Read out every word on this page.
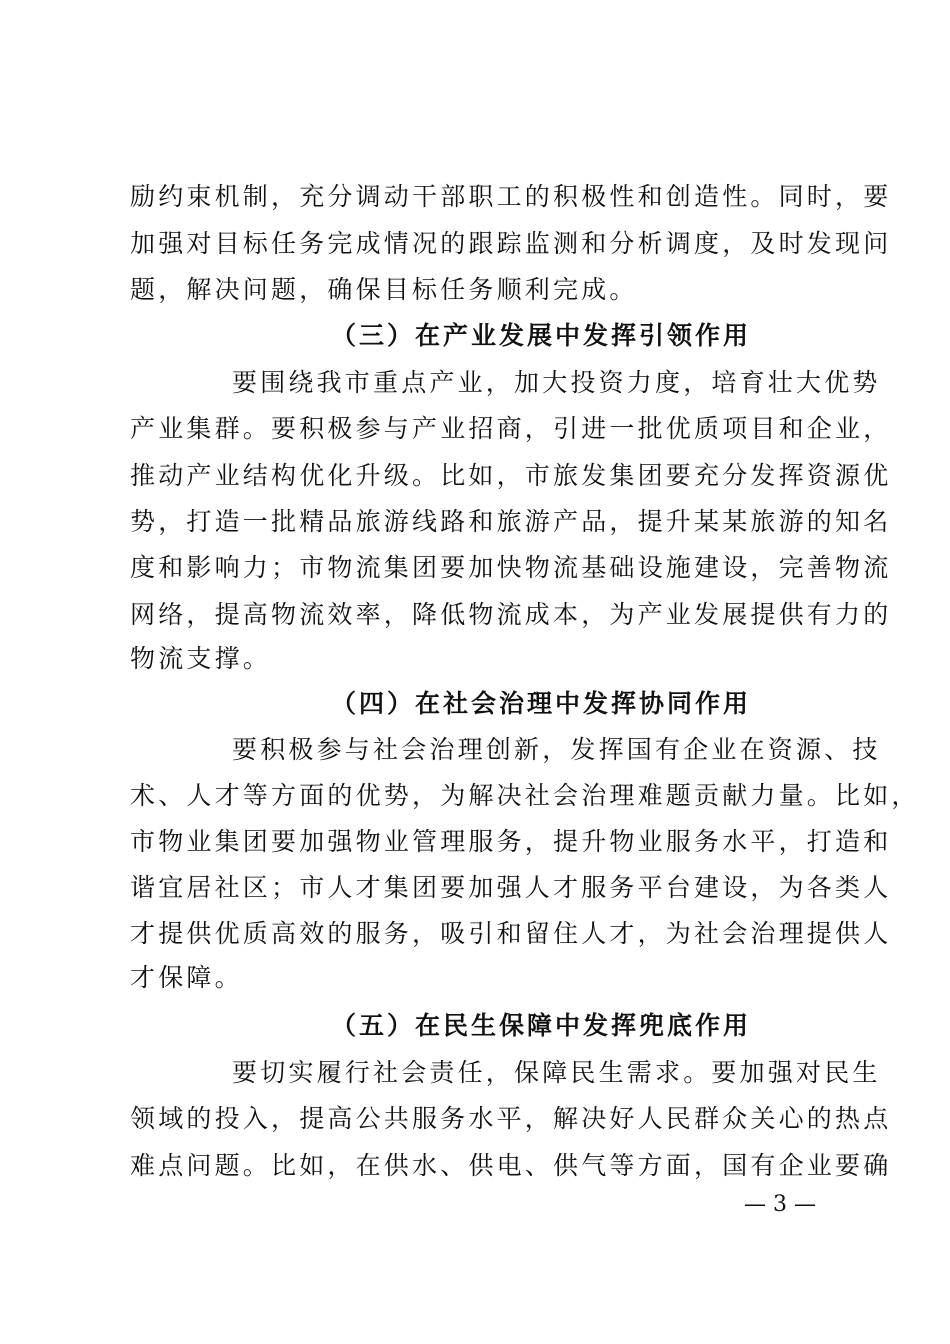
励约束机制，充分调动干部职工的积极性和创造性。同时，要
加强对目标任务完成情况的跟踪监测和分析调度，及时发现问
题，解决问题，确保目标任务顺利完成。
（三）在产业发展中发挥引领作用
要围绕我市重点产业，加大投资力度，培育壮大优势
产业集群。要积极参与产业招商，引进一批优质项目和企业，
推动产业结构优化升级。比如，市旅发集团要充分发挥资源优
势，打造一批精品旅游线路和旅游产品，提升某某旅游的知名
度和影响力；市物流集团要加快物流基础设施建设，完善物流
网络，提高物流效率，降低物流成本，为产业发展提供有力的
物流支撑。
（四）在社会治理中发挥协同作用
要积极参与社会治理创新，发挥国有企业在资源、技
术、人才等方面的优势，为解决社会治理难题贡献力量。比如，
市物业集团要加强物业管理服务，提升物业服务水平，打造和
谐宜居社区；市人才集团要加强人才服务平台建设，为各类人
才提供优质高效的服务，吸引和留住人才，为社会治理提供人
才保障。
（五）在民生保障中发挥兜底作用
要切实履行社会责任，保障民生需求。要加强对民生
领域的投入，提高公共服务水平，解决好人民群众关心的热点
难点问题。比如，在供水、供电、供气等方面，国有企业要确
— 3 —
